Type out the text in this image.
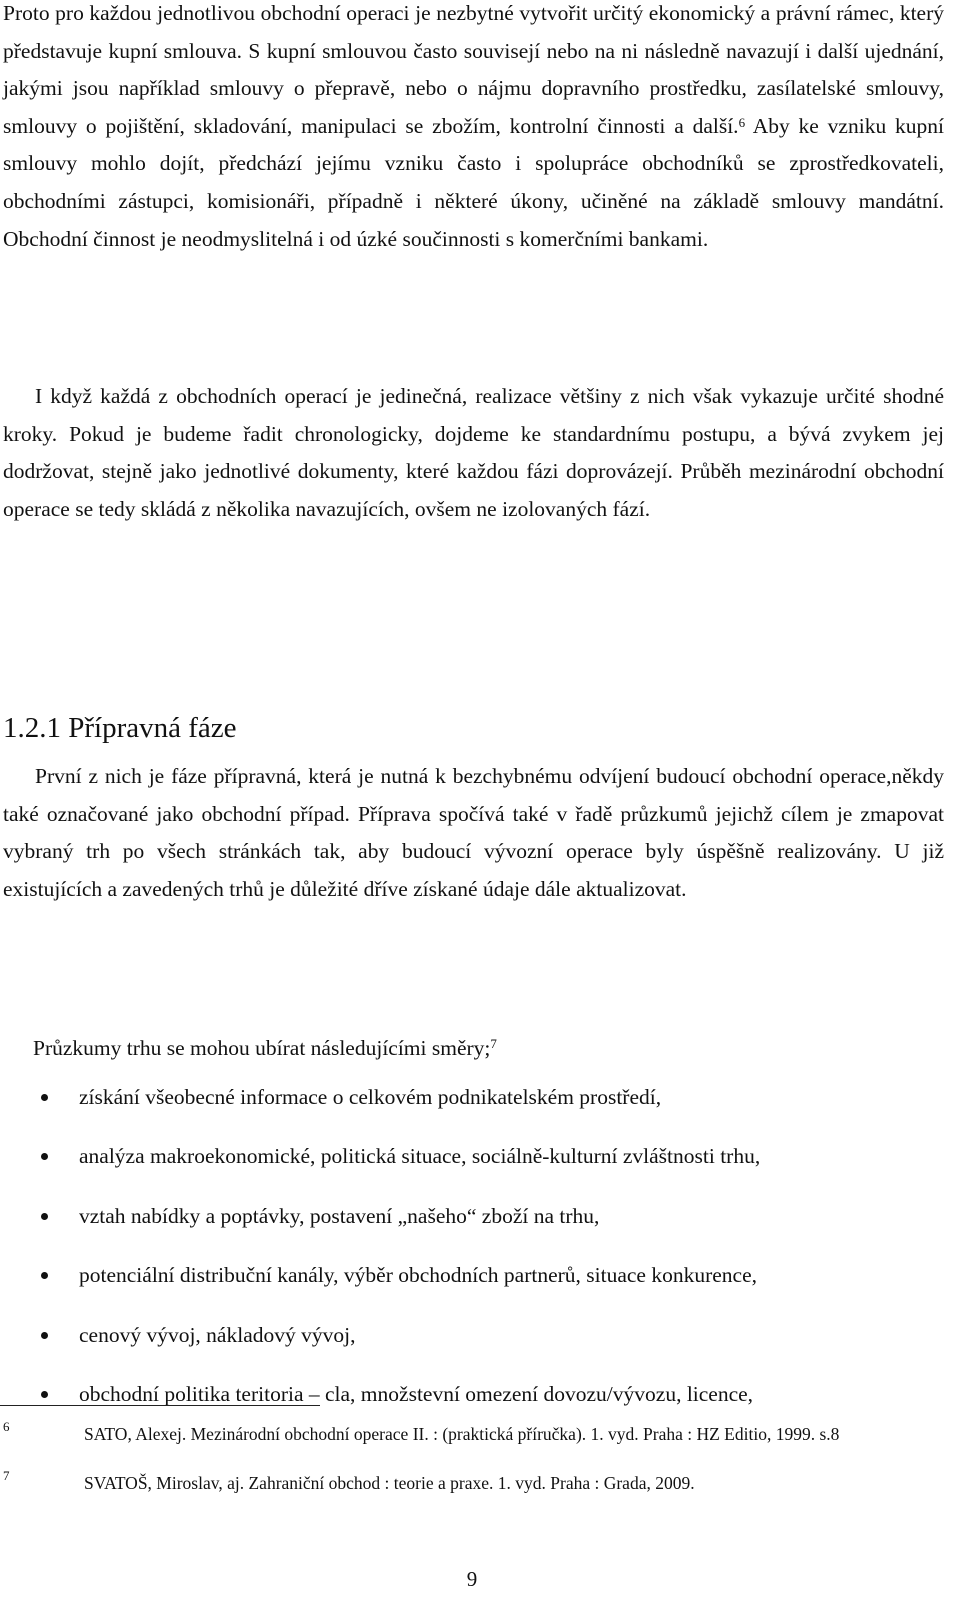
Proto pro každou jednotlivou obchodní operaci je nezbytné vytvořit určitý ekonomický a právní rámec, který představuje kupní smlouva. S kupní smlouvou často souvisejí nebo na ni následně navazují i další ujednání, jakými jsou například smlouvy o přepravě, nebo o nájmu dopravního prostředku, zasílatelské smlouvy, smlouvy o pojištění, skladování, manipulaci se zbožím, kontrolní činnosti a další.$^6$ Aby ke vzniku kupní smlouvy mohlo dojít, předchází jejímu vzniku často i spolupráce obchodníků se zprostředkovateli, obchodními zástupci, komisionáři, případně i některé úkony, učiněné na základě smlouvy mandátní. Obchodní činnost je neodmyslitelná i od úzké součinnosti s komerčními bankami.

I když každá z obchodních operací je jedinečná, realizace většiny z nich však vykazuje určité shodné kroky. Pokud je budeme řadit chronologicky, dojdeme ke standardnímu postupu, a bývá zvykem jej dodržovat, stejně jako jednotlivé dokumenty, které každou fázi doprovázejí. Průběh mezinárodní obchodní operace se tedy skládá z několika navazujících, ovšem ne izolovaných fází.

1.2.1 Přípravná fáze

První z nich je fáze přípravná, která je nutná k bezchybnému odvíjení budoucí obchodní operace,někdy také označované jako obchodní případ. Příprava spočívá také v řadě průzkumů jejichž cílem je zmapovat vybraný trh po všech stránkách tak, aby budoucí vývozní operace byly úspěšně realizovány. U již existujících a zavedených trhů je důležité dříve získané údaje dále aktualizovat.

Průzkumy trhu se mohou ubírat následujícími směry;$^7$

získání všeobecné informace o celkovém podnikatelském prostředí,
analýza makroekonomické, politická situace, sociálně-kulturní zvláštnosti trhu,
vztah nabídky a poptávky, postavení „našeho“ zboží na trhu,
potenciální distribuční kanály, výběr obchodních partnerů, situace konkurence,
cenový vývoj, nákladový vývoj,
obchodní politika teritoria – cla, množstevní omezení dovozu/vývozu, licence,
6	SATO, Alexej. Mezinárodní obchodní operace II. : (praktická příručka). 1. vyd. Praha : HZ Editio, 1999. s.8
7	SVATOŠ, Miroslav, aj. Zahraniční obchod : teorie a praxe. 1. vyd. Praha : Grada, 2009.
9
